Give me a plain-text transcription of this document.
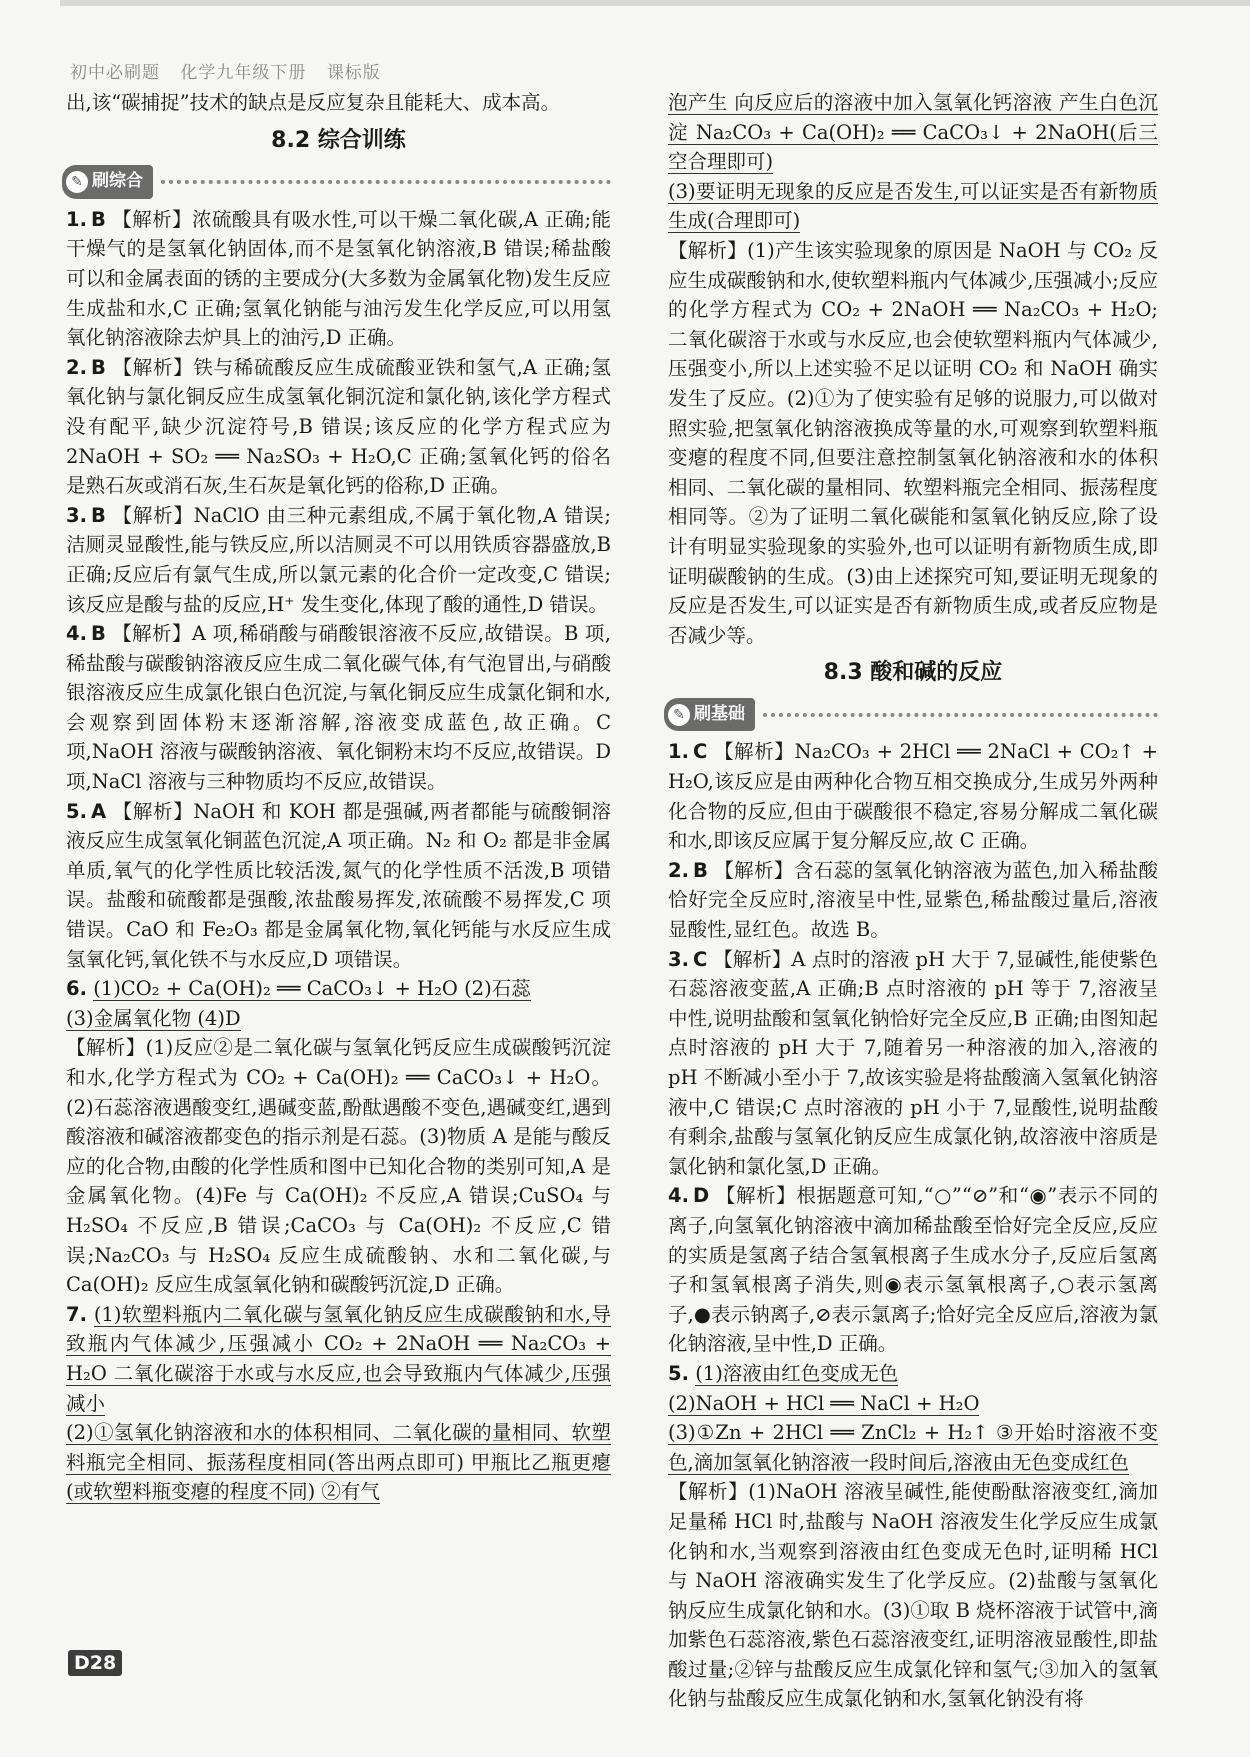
初中必刷题 化学九年级下册 课标版

出,该“碳捕捉”技术的缺点是反应复杂且能耗大、成本高。

8.2 综合训练
✎ 刷综合

1. B 【解析】浓硫酸具有吸水性,可以干燥二氧化碳,A 正确;能干燥气的是氢氧化钠固体,而不是氢氧化钠溶液,B 错误;稀盐酸可以和金属表面的锈的主要成分(大多数为金属氧化物)发生反应生成盐和水,C 正确;氢氧化钠能与油污发生化学反应,可以用氢氧化钠溶液除去炉具上的油污,D 正确。

2. B 【解析】铁与稀硫酸反应生成硫酸亚铁和氢气,A 正确;氢氧化钠与氯化铜反应生成氢氧化铜沉淀和氯化钠,该化学方程式没有配平,缺少沉淀符号,B 错误;该反应的化学方程式应为 2NaOH + SO₂ ══ Na₂SO₃ + H₂O,C 正确;氢氧化钙的俗名是熟石灰或消石灰,生石灰是氧化钙的俗称,D 正确。

3. B 【解析】NaClO 由三种元素组成,不属于氧化物,A 错误;洁厕灵显酸性,能与铁反应,所以洁厕灵不可以用铁质容器盛放,B 正确;反应后有氯气生成,所以氯元素的化合价一定改变,C 错误;该反应是酸与盐的反应,H⁺ 发生变化,体现了酸的通性,D 错误。

4. B 【解析】A 项,稀硝酸与硝酸银溶液不反应,故错误。B 项,稀盐酸与碳酸钠溶液反应生成二氧化碳气体,有气泡冒出,与硝酸银溶液反应生成氯化银白色沉淀,与氧化铜反应生成氯化铜和水,会观察到固体粉末逐渐溶解,溶液变成蓝色,故正确。C 项,NaOH 溶液与碳酸钠溶液、氧化铜粉末均不反应,故错误。D 项,NaCl 溶液与三种物质均不反应,故错误。

5. A 【解析】NaOH 和 KOH 都是强碱,两者都能与硫酸铜溶液反应生成氢氧化铜蓝色沉淀,A 项正确。N₂ 和 O₂ 都是非金属单质,氧气的化学性质比较活泼,氮气的化学性质不活泼,B 项错误。盐酸和硫酸都是强酸,浓盐酸易挥发,浓硫酸不易挥发,C 项错误。CaO 和 Fe₂O₃ 都是金属氧化物,氧化钙能与水反应生成氢氧化钙,氧化铁不与水反应,D 项错误。

6. (1)CO₂ + Ca(OH)₂ ══ CaCO₃↓ + H₂O (2)石蕊

(3)金属氧化物 (4)D

【解析】(1)反应②是二氧化碳与氢氧化钙反应生成碳酸钙沉淀和水,化学方程式为 CO₂ + Ca(OH)₂ ══ CaCO₃↓ + H₂O。(2)石蕊溶液遇酸变红,遇碱变蓝,酚酞遇酸不变色,遇碱变红,遇到酸溶液和碱溶液都变色的指示剂是石蕊。(3)物质 A 是能与酸反应的化合物,由酸的化学性质和图中已知化合物的类别可知,A 是金属氧化物。(4)Fe 与 Ca(OH)₂ 不反应,A 错误;CuSO₄ 与 H₂SO₄ 不反应,B 错误;CaCO₃ 与 Ca(OH)₂ 不反应,C 错误;Na₂CO₃ 与 H₂SO₄ 反应生成硫酸钠、水和二氧化碳,与 Ca(OH)₂ 反应生成氢氧化钠和碳酸钙沉淀,D 正确。

7. (1)软塑料瓶内二氧化碳与氢氧化钠反应生成碳酸钠和水,导致瓶内气体减少,压强减小 CO₂ + 2NaOH ══ Na₂CO₃ + H₂O 二氧化碳溶于水或与水反应,也会导致瓶内气体减少,压强减小

(2)①氢氧化钠溶液和水的体积相同、二氧化碳的量相同、软塑料瓶完全相同、振荡程度相同(答出两点即可) 甲瓶比乙瓶更瘪(或软塑料瓶变瘪的程度不同) ②有气

泡产生 向反应后的溶液中加入氢氧化钙溶液 产生白色沉淀 Na₂CO₃ + Ca(OH)₂ ══ CaCO₃↓ + 2NaOH(后三空合理即可)

(3)要证明无现象的反应是否发生,可以证实是否有新物质生成(合理即可)

【解析】(1)产生该实验现象的原因是 NaOH 与 CO₂ 反应生成碳酸钠和水,使软塑料瓶内气体减少,压强减小;反应的化学方程式为 CO₂ + 2NaOH ══ Na₂CO₃ + H₂O;二氧化碳溶于水或与水反应,也会使软塑料瓶内气体减少,压强变小,所以上述实验不足以证明 CO₂ 和 NaOH 确实发生了反应。(2)①为了使实验有足够的说服力,可以做对照实验,把氢氧化钠溶液换成等量的水,可观察到软塑料瓶变瘪的程度不同,但要注意控制氢氧化钠溶液和水的体积相同、二氧化碳的量相同、软塑料瓶完全相同、振荡程度相同等。②为了证明二氧化碳能和氢氧化钠反应,除了设计有明显实验现象的实验外,也可以证明有新物质生成,即证明碳酸钠的生成。(3)由上述探究可知,要证明无现象的反应是否发生,可以证实是否有新物质生成,或者反应物是否减少等。

8.3 酸和碱的反应
✎ 刷基础

1. C 【解析】Na₂CO₃ + 2HCl ══ 2NaCl + CO₂↑ + H₂O,该反应是由两种化合物互相交换成分,生成另外两种化合物的反应,但由于碳酸很不稳定,容易分解成二氧化碳和水,即该反应属于复分解反应,故 C 正确。

2. B 【解析】含石蕊的氢氧化钠溶液为蓝色,加入稀盐酸恰好完全反应时,溶液呈中性,显紫色,稀盐酸过量后,溶液显酸性,显红色。故选 B。

3. C 【解析】A 点时的溶液 pH 大于 7,显碱性,能使紫色石蕊溶液变蓝,A 正确;B 点时溶液的 pH 等于 7,溶液呈中性,说明盐酸和氢氧化钠恰好完全反应,B 正确;由图知起点时溶液的 pH 大于 7,随着另一种溶液的加入,溶液的 pH 不断减小至小于 7,故该实验是将盐酸滴入氢氧化钠溶液中,C 错误;C 点时溶液的 pH 小于 7,显酸性,说明盐酸有剩余,盐酸与氢氧化钠反应生成氯化钠,故溶液中溶质是氯化钠和氯化氢,D 正确。

4. D 【解析】根据题意可知,“○”“⊘”和“◉”表示不同的离子,向氢氧化钠溶液中滴加稀盐酸至恰好完全反应,反应的实质是氢离子结合氢氧根离子生成水分子,反应后氢离子和氢氧根离子消失,则◉表示氢氧根离子,○表示氢离子,●表示钠离子,⊘表示氯离子;恰好完全反应后,溶液为氯化钠溶液,呈中性,D 正确。

5. (1)溶液由红色变成无色

(2)NaOH + HCl ══ NaCl + H₂O

(3)①Zn + 2HCl ══ ZnCl₂ + H₂↑ ③开始时溶液不变色,滴加氢氧化钠溶液一段时间后,溶液由无色变成红色

【解析】(1)NaOH 溶液呈碱性,能使酚酞溶液变红,滴加足量稀 HCl 时,盐酸与 NaOH 溶液发生化学反应生成氯化钠和水,当观察到溶液由红色变成无色时,证明稀 HCl 与 NaOH 溶液确实发生了化学反应。(2)盐酸与氢氧化钠反应生成氯化钠和水。(3)①取 B 烧杯溶液于试管中,滴加紫色石蕊溶液,紫色石蕊溶液变红,证明溶液显酸性,即盐酸过量;②锌与盐酸反应生成氯化锌和氢气;③加入的氢氧化钠与盐酸反应生成氯化钠和水,氢氧化钠没有将

D28
